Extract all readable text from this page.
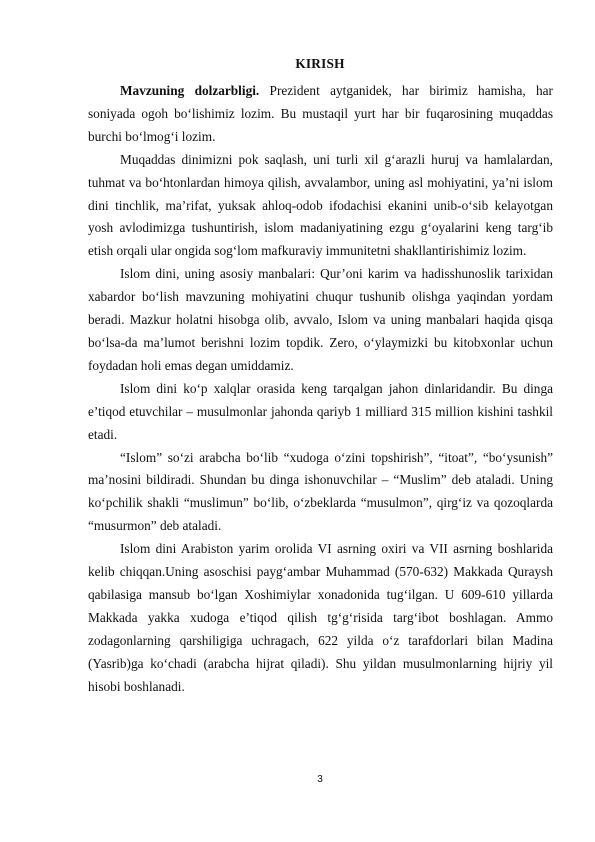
KIRISH

Mavzuning dolzarbligi. Prezident aytganidek, har birimiz hamisha, har soniyada ogoh bo‘lishimiz lozim. Bu mustaqil yurt har bir fuqarosining muqaddas burchi bo‘lmog‘i lozim.

Muqaddas dinimizni pok saqlash, uni turli xil g‘arazli huruj va hamlalardan, tuhmat va bo‘htonlardan himoya qilish, avvalambor, uning asl mohiyatini, ya’ni islom dini tinchlik, ma’rifat, yuksak ahloq-odob ifodachisi ekanini unib-o‘sib kelayotgan yosh avlodimizga tushuntirish, islom madaniyatining ezgu g‘oyalarini keng targ‘ib etish orqali ular ongida sog‘lom mafkuraviy immunitetni shakllantirishimiz lozim.

Islom dini, uning asosiy manbalari: Qur’oni karim va hadisshunoslik tarixidan xabardor bo‘lish mavzuning mohiyatini chuqur tushunib olishga yaqindan yordam beradi. Mazkur holatni hisobga olib, avvalo, Islom va uning manbalari haqida qisqa bo‘lsa-da ma’lumot berishni lozim topdik. Zero, o‘ylaymizki bu kitobxonlar uchun foydadan holi emas degan umiddamiz.

Islom dini ko‘p xalqlar orasida keng tarqalgan jahon dinlaridandir. Bu dinga e’tiqod etuvchilar – musulmonlar jahonda qariyb 1 milliard 315 million kishini tashkil etadi.

“Islom” so‘zi arabcha bo‘lib “xudoga o‘zini topshirish”, “itoat”, “bo‘ysunish” ma’nosini bildiradi. Shundan bu dinga ishonuvchilar – “Muslim” deb ataladi. Uning ko‘pchilik shakli “muslimun” bo‘lib, o‘zbeklarda “musulmon”, qirg‘iz va qozoqlarda “musurmon” deb ataladi.

Islom dini Arabiston yarim orolida VI asrning oxiri va VII asrning boshlarida kelib chiqqan.Uning asoschisi payg‘ambar Muhammad (570-632) Makkada Quraysh qabilasiga mansub bo‘lgan Xoshimiylar xonadonida tug‘ilgan. U 609-610 yillarda Makkada yakka xudoga e’tiqod qilish tg‘g‘risida targ‘ibot boshlagan. Ammo zodagonlarning qarshiligiga uchragach, 622 yilda o‘z tarafdorlari bilan Madina (Yasrib)ga ko‘chadi (arabcha hijrat qiladi). Shu yildan musulmonlarning hijriy yil hisobi boshlanadi.

3
